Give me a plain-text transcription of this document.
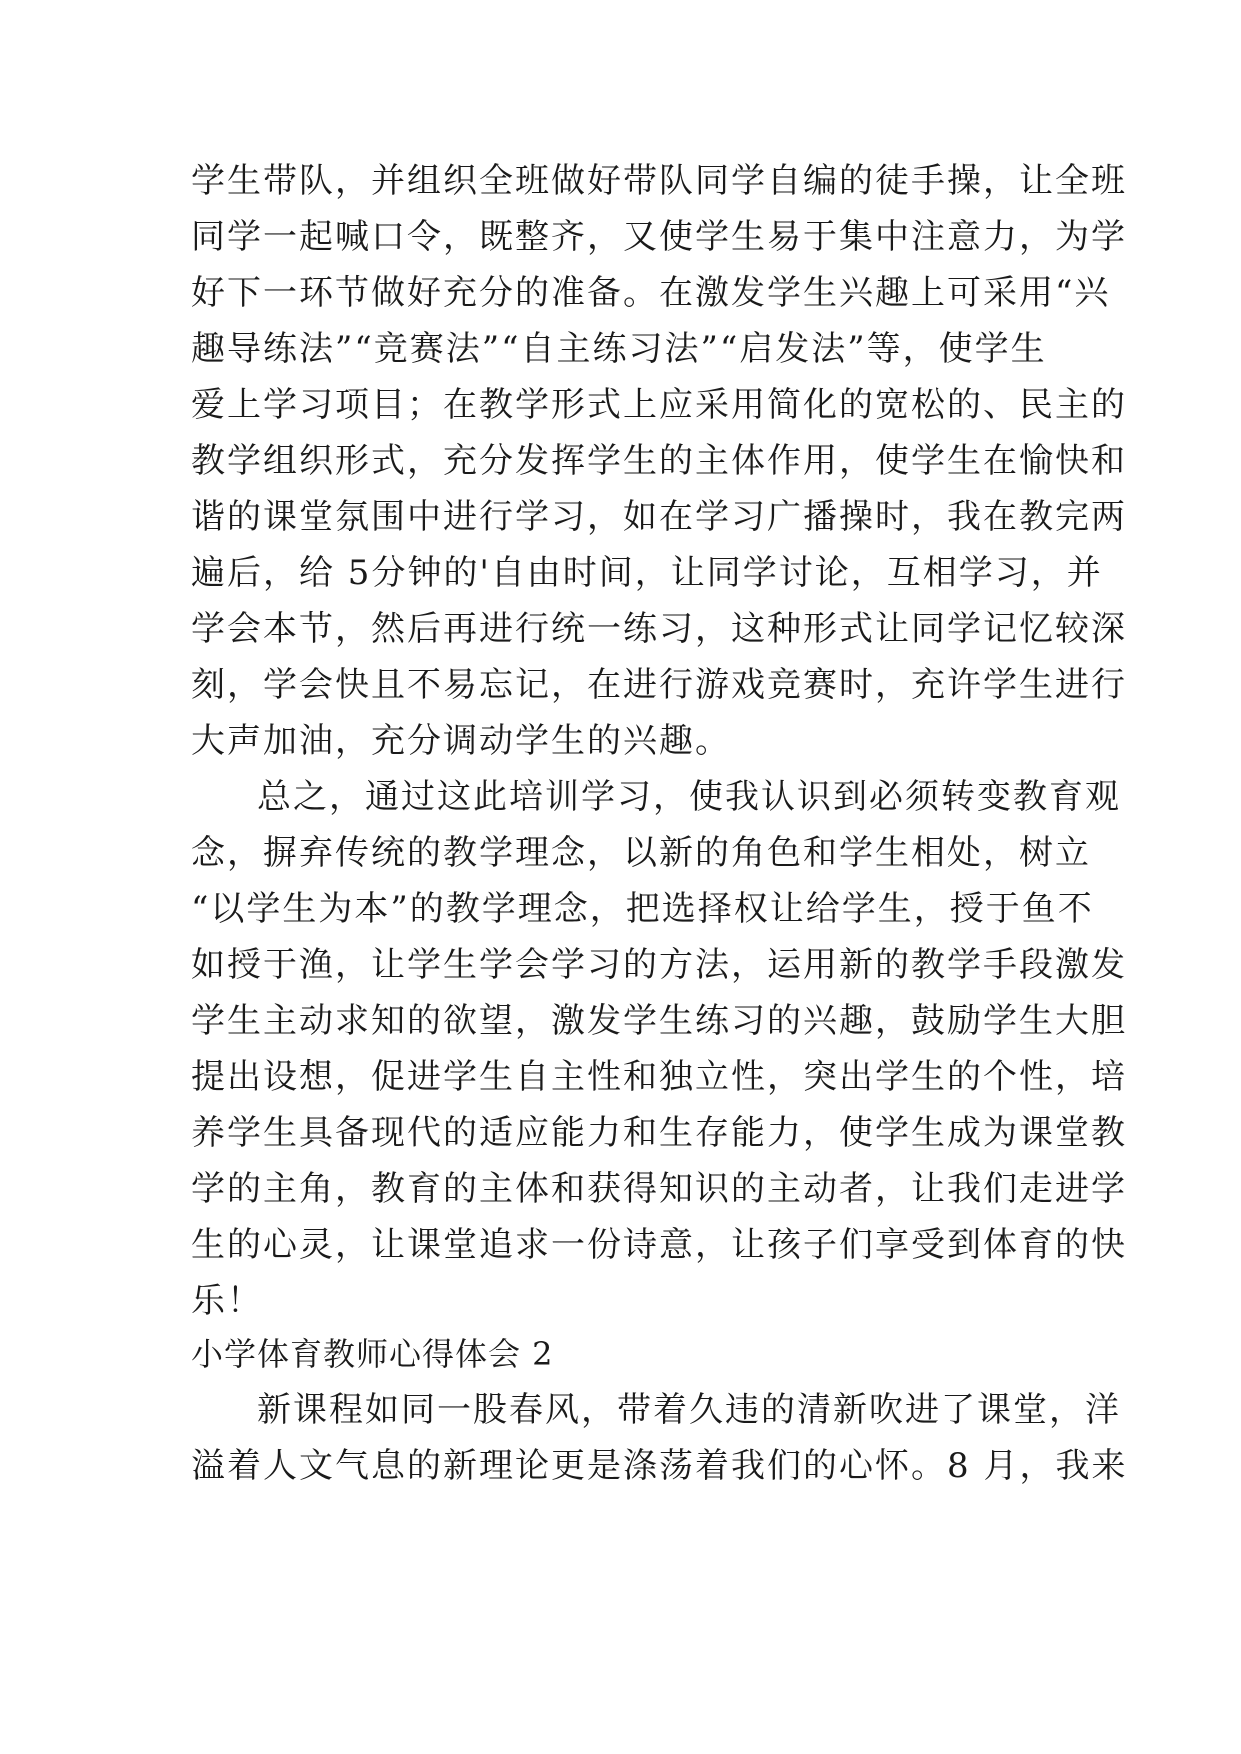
学生带队，并组织全班做好带队同学自编的徒手操，让全班
同学一起喊口令，既整齐，又使学生易于集中注意力，为学
好下一环节做好充分的准备。在激发学生兴趣上可采用“兴
趣导练法”“竞赛法”“自主练习法”“启发法”等，使学生
爱上学习项目；在教学形式上应采用简化的宽松的、民主的
教学组织形式，充分发挥学生的主体作用，使学生在愉快和
谐的课堂氛围中进行学习，如在学习广播操时，我在教完两
遍后，给 5分钟的'自由时间，让同学讨论，互相学习，并
学会本节，然后再进行统一练习，这种形式让同学记忆较深
刻，学会快且不易忘记，在进行游戏竞赛时，充许学生进行
大声加油，充分调动学生的兴趣。
总之，通过这此培训学习，使我认识到必须转变教育观
念，摒弃传统的教学理念，以新的角色和学生相处，树立
“以学生为本”的教学理念，把选择权让给学生，授于鱼不
如授于渔，让学生学会学习的方法，运用新的教学手段激发
学生主动求知的欲望，激发学生练习的兴趣，鼓励学生大胆
提出设想，促进学生自主性和独立性，突出学生的个性，培
养学生具备现代的适应能力和生存能力，使学生成为课堂教
学的主角，教育的主体和获得知识的主动者，让我们走进学
生的心灵，让课堂追求一份诗意，让孩子们享受到体育的快
乐！
小学体育教师心得体会 2
新课程如同一股春风，带着久违的清新吹进了课堂，洋
溢着人文气息的新理论更是涤荡着我们的心怀。8 月，我来
